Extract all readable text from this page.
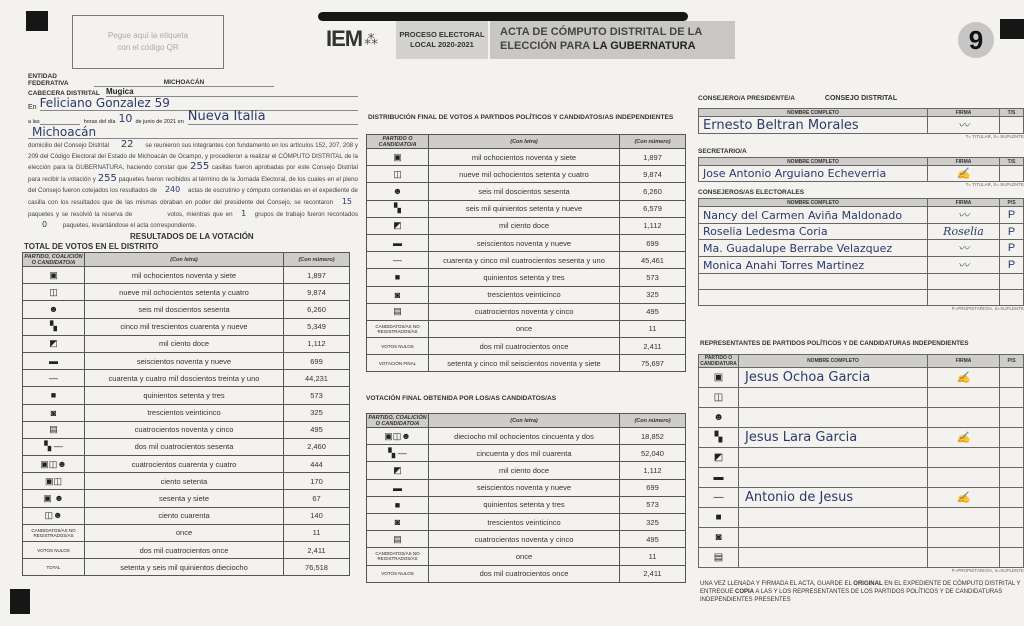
Pegue aquí la etiqueta
con el código QR	IEM ⁂	PROCESO ELECTORAL
LOCAL 2020-2021
ACTA DE CÓMPUTO DISTRITAL DE LA
ELECCIÓN PARA LA GUBERNATURA	9
ENTIDAD FEDERATIVA	MICHOACÁN
CABECERA DISTRITAL Mugica
En Feliciano Gonzalez 59
a las	horas del día 10 de junio de 2021 en Nueva Italia
Michoacán
domicilio del Consejo Distrital 22 se reunieron sus integrantes con fundamento en los artículos 152, 207, 208 y 209 del Código Electoral del Estado de Michoacán de Ocampo, y procedieron a realizar el CÓMPUTO DISTRITAL de la elección para la GUBERNATURA, haciendo constar que 255 casillas fueron aprobadas por este Consejo Distrital para recibir la votación y 255 paquetes fueron recibidos al término de la Jornada Electoral, de los cuales en el pleno del Consejo fueron cotejados los resultados de 240 actas de escrutinio y cómputo contenidas en el expediente de casilla con los resultados que de las mismas obraban en poder del presidente del Consejo, se recontaron 15 paquetes y se resolvió la reserva de	votos, mientras que en 1 grupos de trabajo fueron recontados 0	paquetes, levantándose el acta correspondiente.
RESULTADOS DE LA VOTACIÓN
TOTAL DE VOTOS EN EL DISTRITO
PARTIDO, COALICIÓN O CANDIDATO/A	(Con letra)	(Con número)
▣	mil ochocientos noventa y siete	1,897
◫	nueve mil ochocientos setenta y cuatro	9,874
☻	seis mil doscientos sesenta	6,260
▚	cinco mil trescientos cuarenta y nueve	5,349
◩	mil ciento doce	1,112
▬	seiscientos noventa y nueve	699
—	cuarenta y cuatro mil doscientos treinta y uno	44,231
■	quinientos setenta y tres	573
◙	trescientos veinticinco	325
▤	cuatrocientos noventa y cinco	495
▚ —	dos mil cuatrocientos sesenta	2,460
▣◫☻	cuatrocientos cuarenta y cuatro	444
▣◫	ciento setenta	170
▣ ☻	sesenta y siete	67
◫☻	ciento cuarenta	140
CANDIDATOS/AS NO REGISTRADOS/AS	once	11
VOTOS NULOS	dos mil cuatrocientos once	2,411
TOTAL	setenta y seis mil quinientos dieciocho	76,518
DISTRIBUCIÓN FINAL DE VOTOS A PARTIDOS POLÍTICOS Y CANDIDATOS/AS INDEPENDIENTES
PARTIDO O CANDIDATO/A	(Con letra)	(Con número)
▣	mil ochocientos noventa y siete	1,897
◫	nueve mil ochocientos setenta y cuatro	9,874
☻	seis mil doscientos sesenta	6,260
▚	seis mil quinientos setenta y nueve	6,579
◩	mil ciento doce	1,112
▬	seiscientos noventa y nueve	699
—	cuarenta y cinco mil cuatrocientos sesenta y uno	45,461
■	quinientos setenta y tres	573
◙	trescientos veinticinco	325
▤	cuatrocientos noventa y cinco	495
CANDIDATOS/AS NO REGISTRADOS/AS	once	11
VOTOS NULOS	dos mil cuatrocientos once	2,411
VOTACIÓN FINAL	setenta y cinco mil seiscientos noventa y siete	75,697
VOTACIÓN FINAL OBTENIDA POR LOS/AS CANDIDATOS/AS
PARTIDO, COALICIÓN O CANDIDATO/A	(Con letra)	(Con número)
▣◫☻	dieciocho mil ochocientos cincuenta y dos	18,852
▚ —	cincuenta y dos mil cuarenta	52,040
◩	mil ciento doce	1,112
▬	seiscientos noventa y nueve	699
■	quinientos setenta y tres	573
◙	trescientos veinticinco	325
▤	cuatrocientos noventa y cinco	495
CANDIDATOS/AS NO REGISTRADOS/AS	once	11
VOTOS NULOS	dos mil cuatrocientos once	2,411
CONSEJERO/A PRESIDENTE/A	CONSEJO DISTRITAL
NOMBRE COMPLETO	FIRMA	T/S
Ernesto Beltran Morales	〰	
T= TITULAR, S= SUPLENTE
SECRETARIO/A
NOMBRE COMPLETO	FIRMA	T/S
Jose Antonio Arguiano Echeverria	✍	
T= TITULAR, S= SUPLENTE
CONSEJEROS/AS ELECTORALES
NOMBRE COMPLETO	FIRMA	P/S
Nancy del Carmen Aviña Maldonado	〰	P
Roselia Ledesma Coria	Roselia	P
Ma. Guadalupe Berrabe Velazquez	〰	P
Monica Anahi Torres Martinez	〰	P

P=PROPIETARIO/A, S=SUPLENTE
REPRESENTANTES DE PARTIDOS POLÍTICOS Y DE CANDIDATURAS INDEPENDIENTES
PARTIDO O CANDIDATURA	NOMBRE COMPLETO	FIRMA	P/S
▣	Jesus Ochoa Garcia	✍	
◫			
☻			
▚	Jesus Lara Garcia	✍	
◩			
▬			
—	Antonio de Jesus	✍	
■			
◙			
▤			
P=PROPIETARIO/A, S=SUPLENTE
UNA VEZ LLENADA Y FIRMADA EL ACTA, GUARDE EL ORIGINAL EN EL EXPEDIENTE DE CÓMPUTO DISTRITAL Y ENTREGUE COPIA A LAS Y LOS REPRESENTANTES DE LOS PARTIDOS POLÍTICOS Y DE CANDIDATURAS INDEPENDIENTES PRESENTES
